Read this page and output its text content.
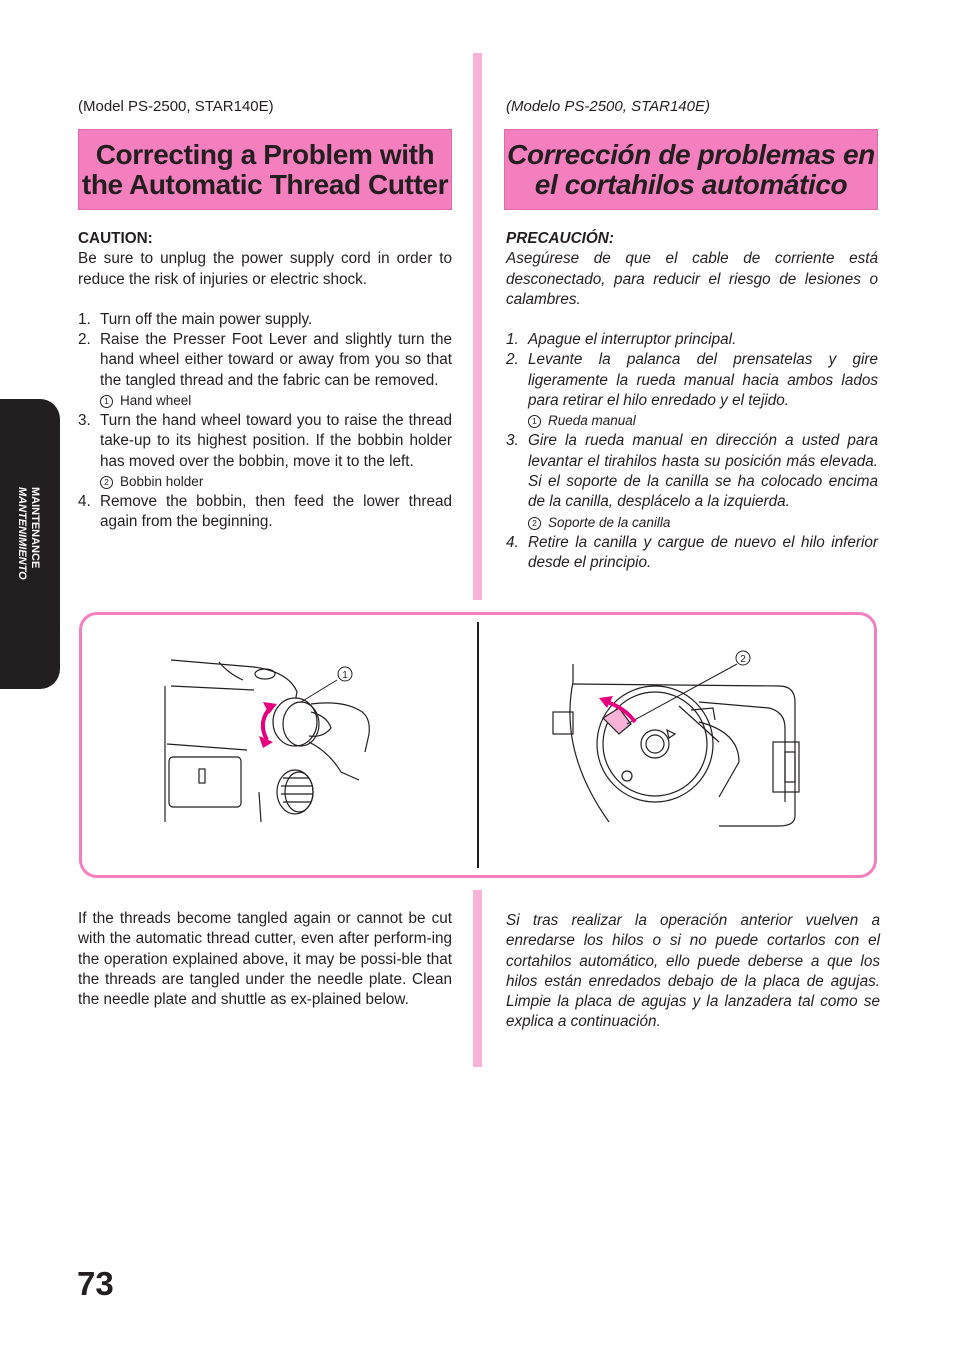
MAINTENANCE
MANTENIMIENTO
(Model PS-2500, STAR140E)
Correcting a Problem with
the Automatic Thread Cutter
CAUTION:

Be sure to unplug the power supply cord in order to reduce the risk of injuries or electric shock.

1. Turn off the main power supply.
2. Raise the Presser Foot Lever and slightly turn the hand wheel either toward or away from you so that the tangled thread and the fabric can be removed.
1 Hand wheel
3. Turn the hand wheel toward you to raise the thread take-up to its highest position. If the bobbin holder has moved over the bobbin, move it to the left.
2 Bobbin holder
4. Remove the bobbin, then feed the lower thread again from the beginning.
(Modelo PS-2500, STAR140E)
Corrección de problemas en
el cortahilos automático
PRECAUCIÓN:

Asegúrese de que el cable de corriente está desconectado, para reducir el riesgo de lesiones o calambres.

1. Apague el interruptor principal.
2. Levante la palanca del prensatelas y gire ligeramente la rueda manual hacia ambos lados para retirar el hilo enredado y el tejido.
1 Rueda manual
3. Gire la rueda manual en dirección a usted para levantar el tirahilos hasta su posición más elevada. Si el soporte de la canilla se ha colocado encima de la canilla, desplácelo a la izquierda.
2 Soporte de la canilla
4. Retire la canilla y cargue de nuevo el hilo inferior desde el principio.
1
2

If the threads become tangled again or cannot be cut with the automatic thread cutter, even after perform-ing the operation explained above, it may be possi-ble that the threads are tangled under the needle plate. Clean the needle plate and shuttle as ex-plained below.

Si tras realizar la operación anterior vuelven a enredarse los hilos o si no puede cortarlos con el cortahilos automático, ello puede deberse a que los hilos están enredados debajo de la placa de agujas. Limpie la placa de agujas y la lanzadera tal como se explica a continuación.

73
